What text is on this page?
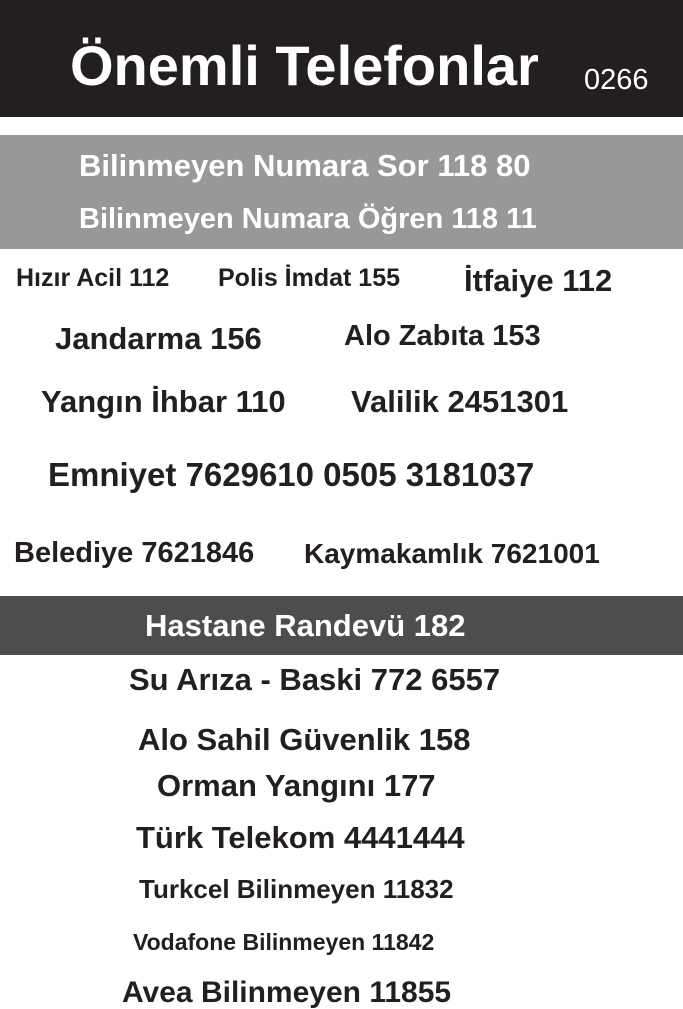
Önemli Telefonlar 0266
Bilinmeyen Numara Sor 118 80
Bilinmeyen Numara Öğren 118 11
Hızır Acil 112 Polis İmdat 155 İtfaiye 112
Jandarma 156	Alo Zabıta 153
Yangın İhbar 110 Valilik 2451301
Emniyet 7629610 0505 3181037
Belediye 7621846 Kaymakamlık 7621001
Hastane Randevü 182
Su Arıza - Baski 772 6557
Alo Sahil Güvenlik 158
Orman Yangını 177
Türk Telekom 4441444
Turkcel Bilinmeyen 11832
Vodafone Bilinmeyen 11842
Avea Bilinmeyen 11855
